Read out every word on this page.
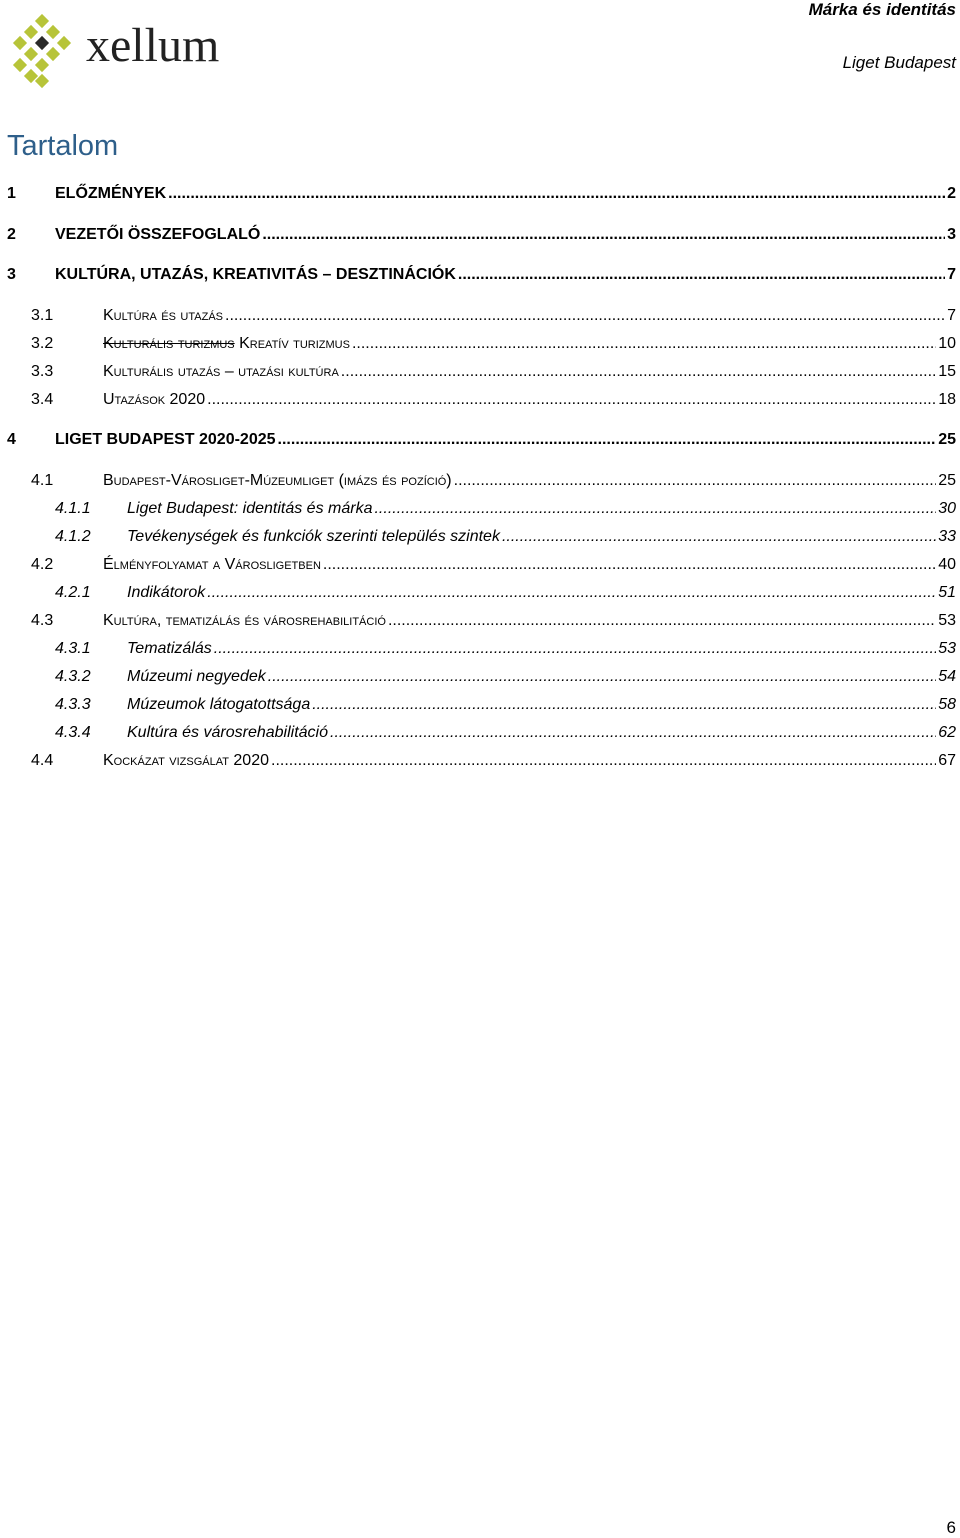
Márka és identitás
Liget Budapest
xellum
Tartalom
1	ELŐZMÉNYEK .....	2
2	VEZETŐI ÖSSZEFOGLALÓ .....	3
3	KULTÚRA, UTAZÁS, KREATIVITÁS – DESZTINÁCIÓK .....	7
3.1	Kultúra és utazás .....	7
3.2	Kulturális turizmus Kreatív turizmus .....	10
3.3	Kulturális utazás – utazási kultúra .....	15
3.4	Utazások 2020 .....	18
4	LIGET BUDAPEST 2020-2025 .....	25
4.1	Budapest-Városliget-Múzeumliget (imázs és pozíció) .....	25
4.1.1	Liget Budapest: identitás és márka .....	30
4.1.2	Tevékenységek és funkciók szerinti település szintek .....	33
4.2	Élményfolyamat a Városligetben .....	40
4.2.1	Indikátorok .....	51
4.3	Kultúra, tematizálás és városrehabilitáció .....	53
4.3.1	Tematizálás .....	53
4.3.2	Múzeumi negyedek .....	54
4.3.3	Múzeumok látogatottsága .....	58
4.3.4	Kultúra és városrehabilitáció .....	62
4.4	Kockázat vizsgálat 2020 .....	67
6
